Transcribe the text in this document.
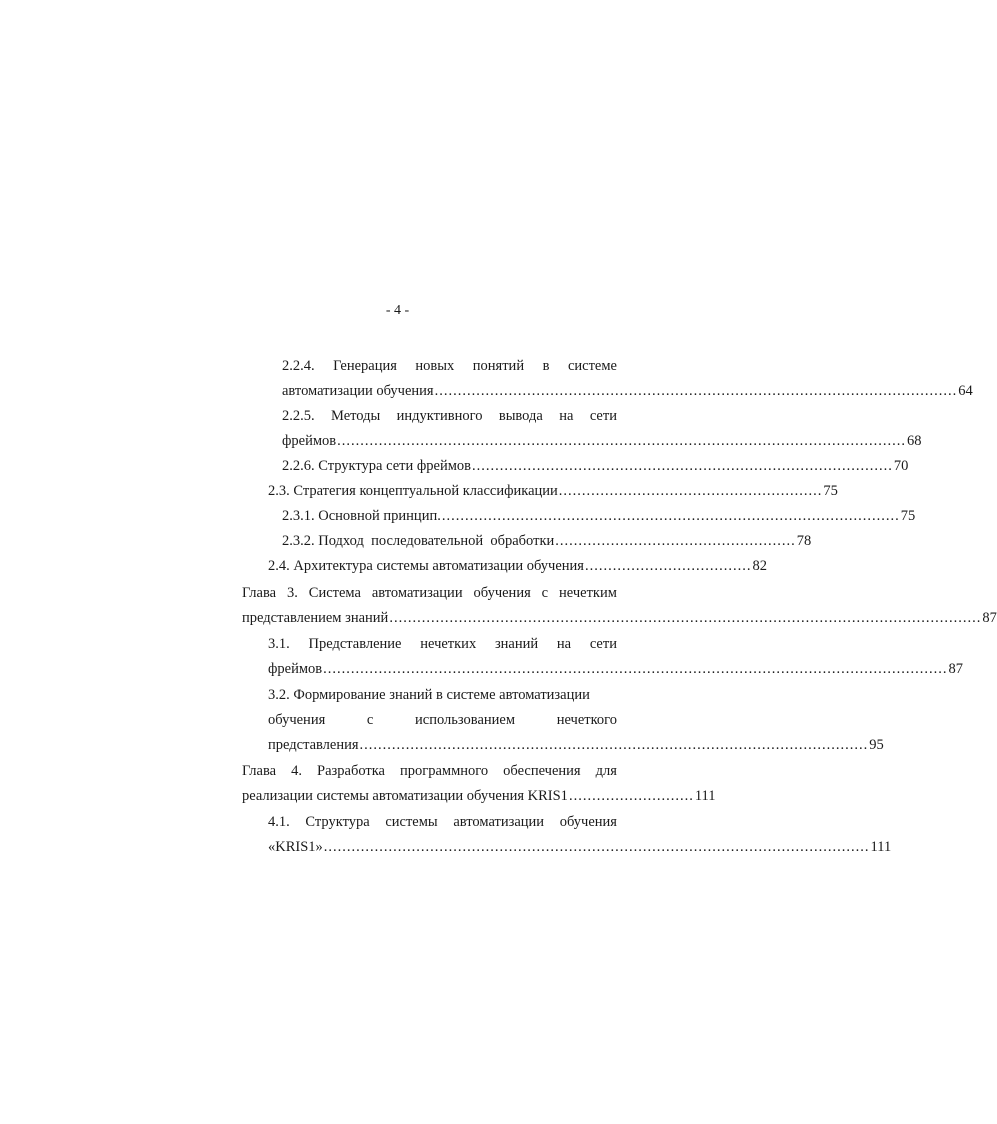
- 4 -
2.2.4. Генерация новых понятий в системе
автоматизации обучения ................................................................................................................. 64
2.2.5. Методы индуктивного вывода на сети
фреймов ........................................................................................................................... 68
2.2.6. Структура сети фреймов ........................................................................................... 70
2.3. Стратегия концептуальной классификации ......................................................... 75
2.3.1. Основной принцип. ................................................................................................... 75
2.3.2. Подход  последовательной  обработки .................................................... 78
2.4. Архитектура системы автоматизации обучения .................................... 82
Глава 3. Система автоматизации обучения с нечетким
представлением знаний ................................................................................................................................ 87
3.1. Представление нечетких знаний на сети
фреймов ....................................................................................................................................... 87
3.2. Формирование знаний в системе автоматизации
обучения	с	использованием	нечеткого
представления .............................................................................................................. 95
Глава 4. Разработка программного обеспечения для
реализации системы автоматизации обучения KRIS1 ........................... 111
4.1. Структура системы автоматизации обучения
«KRIS1» ...................................................................................................................... 111
